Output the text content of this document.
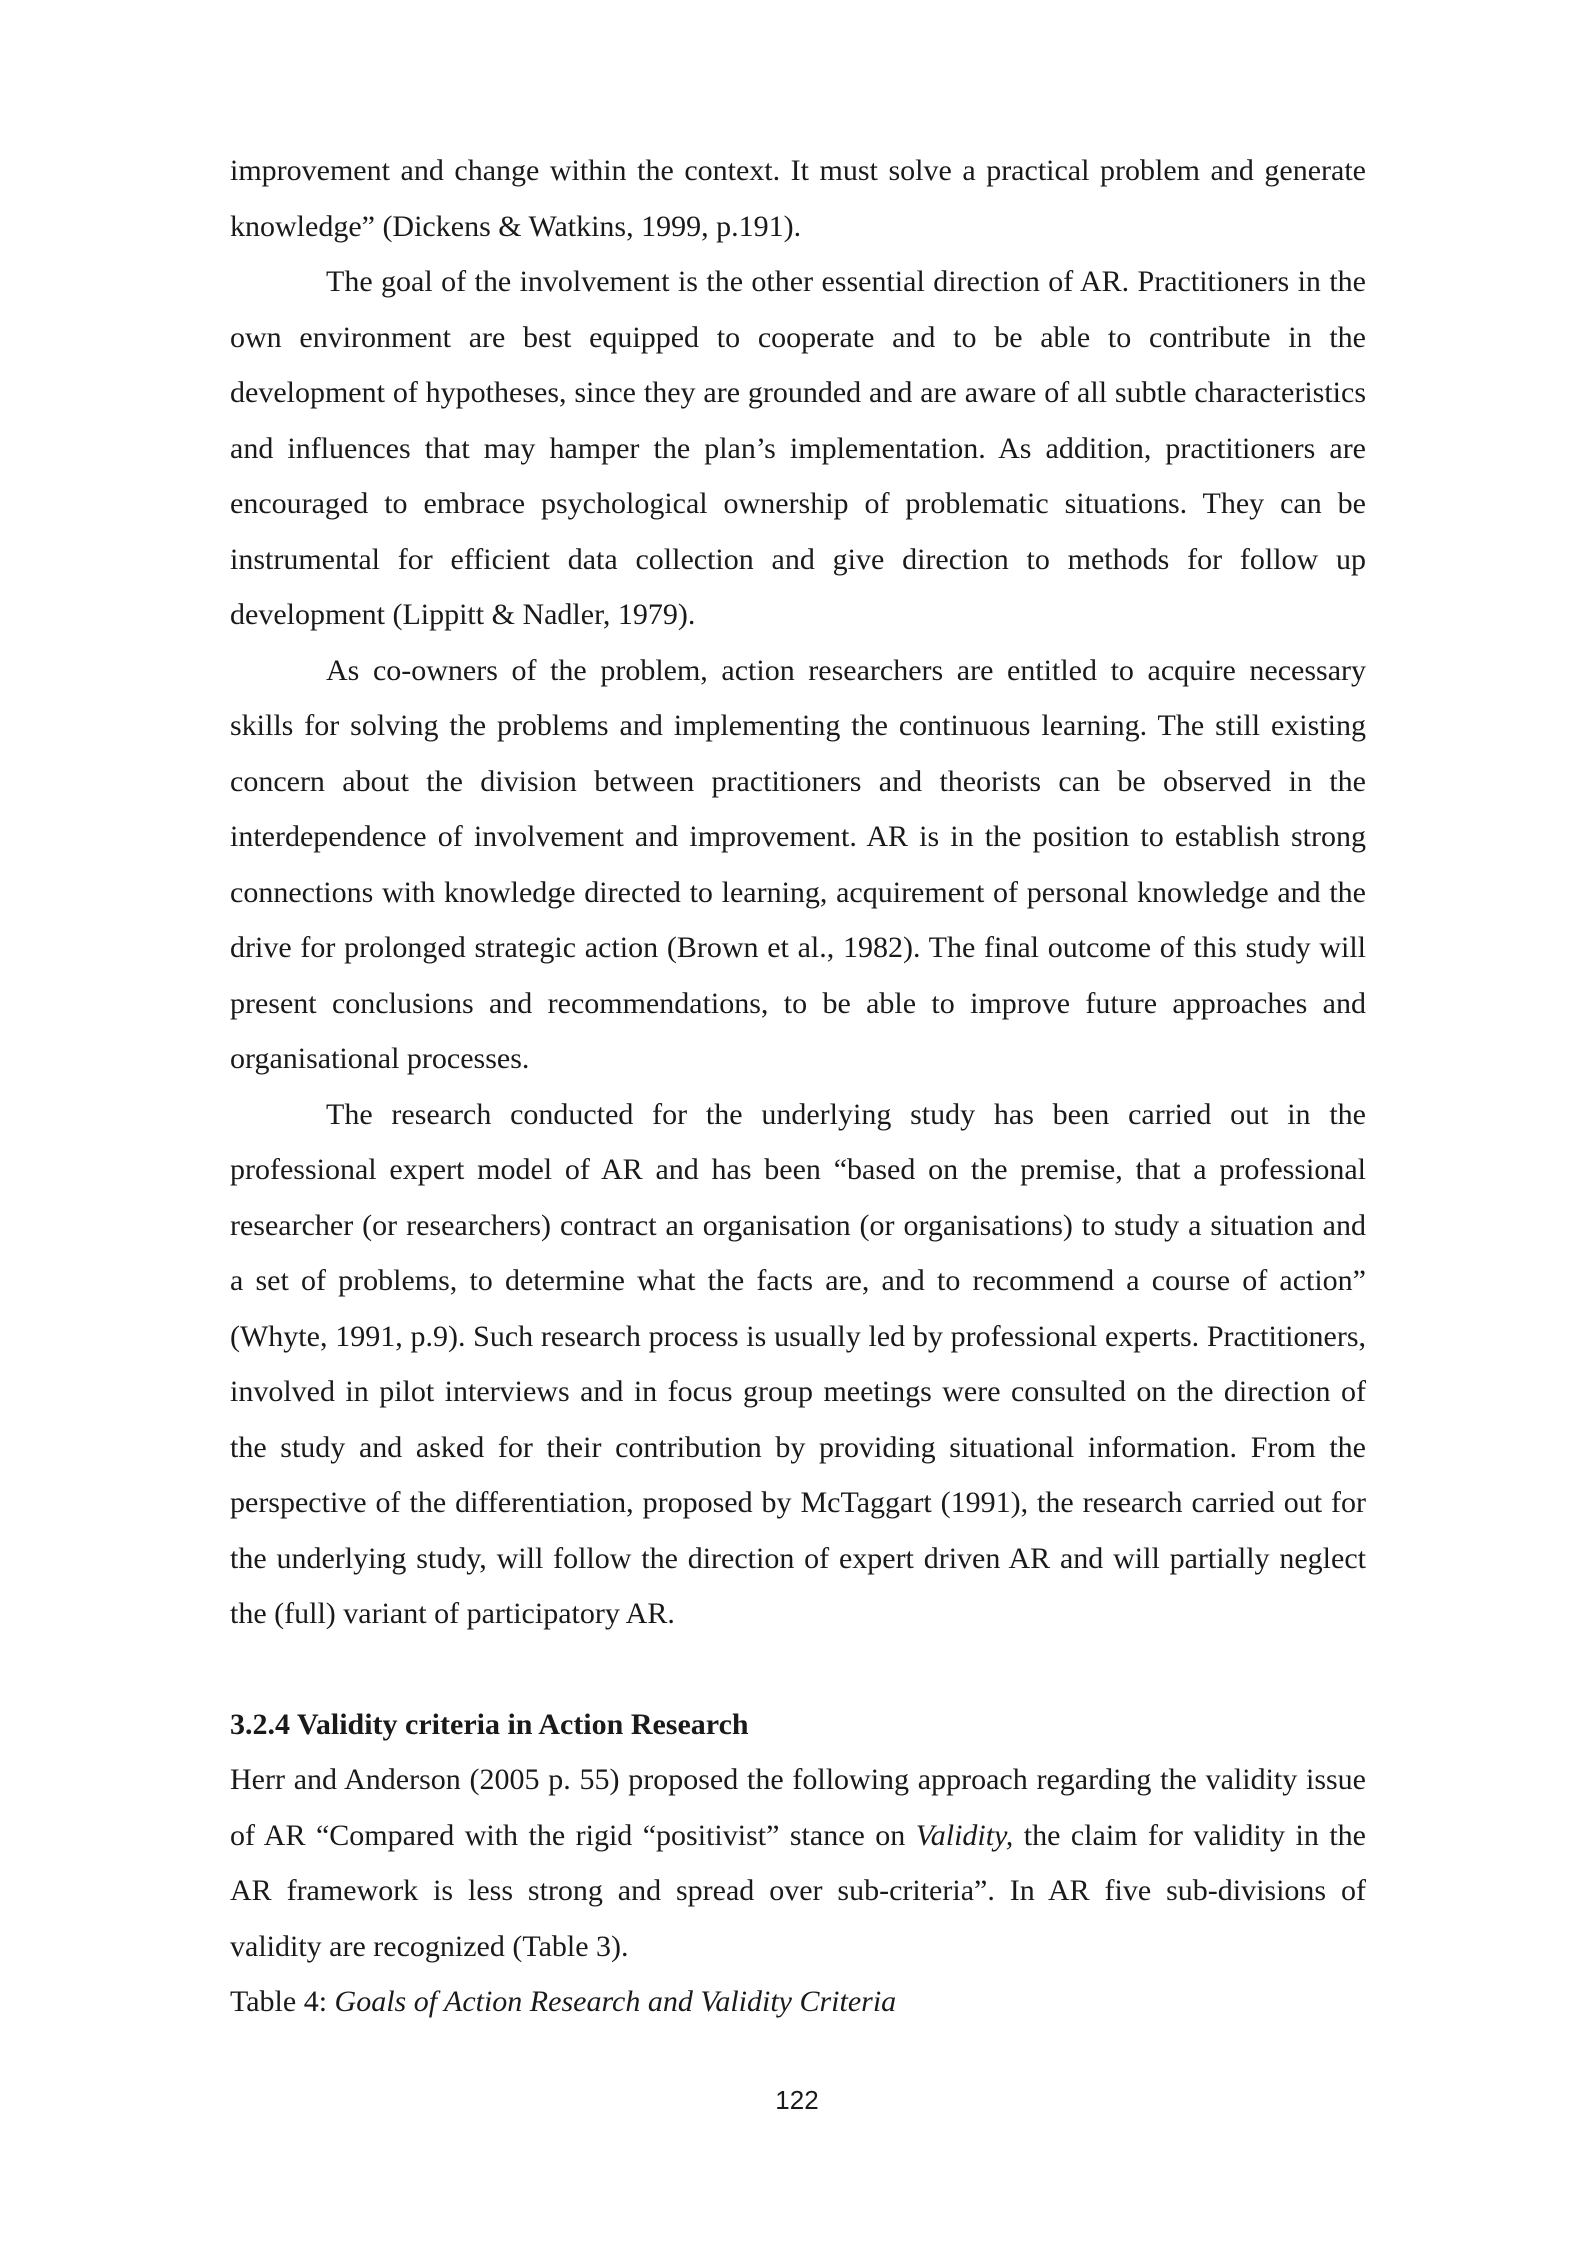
improvement and change within the context. It must solve a practical problem and generate knowledge” (Dickens & Watkins, 1999, p.191).

The goal of the involvement is the other essential direction of AR. Practitioners in the own environment are best equipped to cooperate and to be able to contribute in the development of hypotheses, since they are grounded and are aware of all subtle characteristics and influences that may hamper the plan’s implementation. As addition, practitioners are encouraged to embrace psychological ownership of problematic situations. They can be instrumental for efficient data collection and give direction to methods for follow up development (Lippitt & Nadler, 1979).

As co-owners of the problem, action researchers are entitled to acquire necessary skills for solving the problems and implementing the continuous learning. The still existing concern about the division between practitioners and theorists can be observed in the interdependence of involvement and improvement. AR is in the position to establish strong connections with knowledge directed to learning, acquirement of personal knowledge and the drive for prolonged strategic action (Brown et al., 1982). The final outcome of this study will present conclusions and recommendations, to be able to improve future approaches and organisational processes.

The research conducted for the underlying study has been carried out in the professional expert model of AR and has been “based on the premise, that a professional researcher (or researchers) contract an organisation (or organisations) to study a situation and a set of problems, to determine what the facts are, and to recommend a course of action” (Whyte, 1991, p.9). Such research process is usually led by professional experts. Practitioners, involved in pilot interviews and in focus group meetings were consulted on the direction of the study and asked for their contribution by providing situational information. From the perspective of the differentiation, proposed by McTaggart (1991), the research carried out for the underlying study, will follow the direction of expert driven AR and will partially neglect the (full) variant of participatory AR.

3.2.4 Validity criteria in Action Research

Herr and Anderson (2005 p. 55) proposed the following approach regarding the validity issue of AR “Compared with the rigid “positivist” stance on Validity, the claim for validity in the AR framework is less strong and spread over sub-criteria”. In AR five sub-divisions of validity are recognized (Table 3).

Table 4: Goals of Action Research and Validity Criteria
122
